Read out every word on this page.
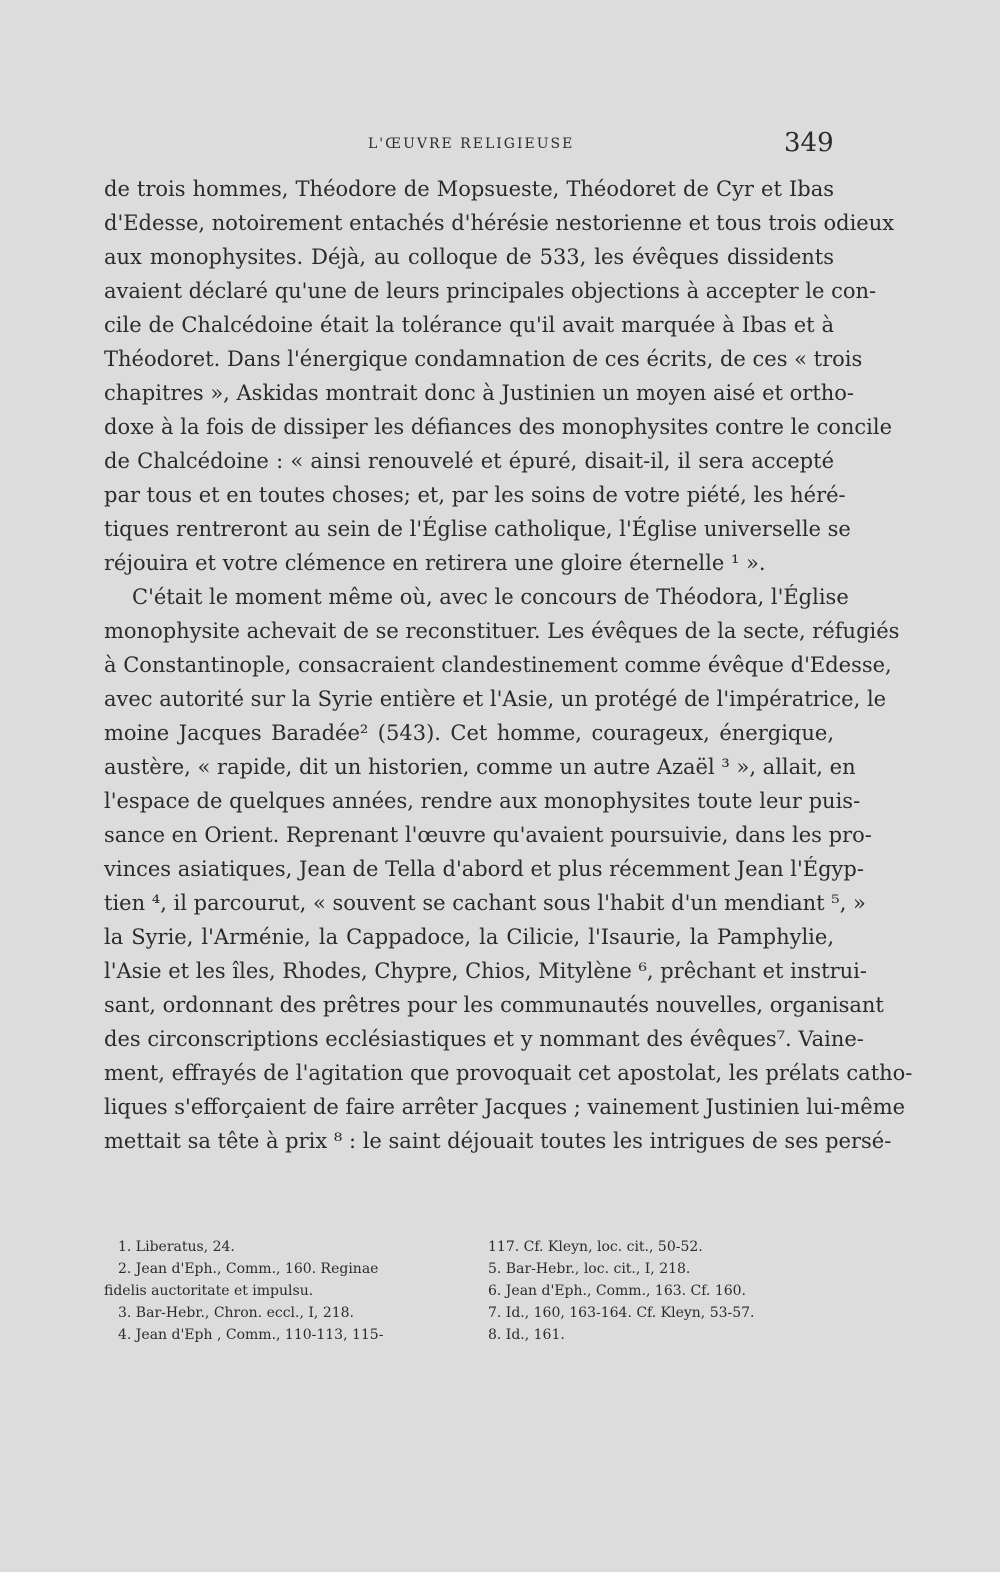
L'ŒUVRE RELIGIEUSE	349
de trois hommes, Théodore de Mopsueste, Théodoret de Cyr et Ibas
d'Edesse, notoirement entachés d'hérésie nestorienne et tous trois odieux
aux monophysites. Déjà, au colloque de 533, les évêques dissidents
avaient déclaré qu'une de leurs principales objections à accepter le con-
cile de Chalcédoine était la tolérance qu'il avait marquée à Ibas et à
Théodoret. Dans l'énergique condamnation de ces écrits, de ces « trois
chapitres », Askidas montrait donc à Justinien un moyen aisé et ortho-
doxe à la fois de dissiper les défiances des monophysites contre le concile
de Chalcédoine : « ainsi renouvelé et épuré, disait-il, il sera accepté
par tous et en toutes choses; et, par les soins de votre piété, les héré-
tiques rentreront au sein de l'Église catholique, l'Église universelle se
réjouira et votre clémence en retirera une gloire éternelle ¹ ».
C'était le moment même où, avec le concours de Théodora, l'Église
monophysite achevait de se reconstituer. Les évêques de la secte, réfugiés
à Constantinople, consacraient clandestinement comme évêque d'Edesse,
avec autorité sur la Syrie entière et l'Asie, un protégé de l'impératrice, le
moine Jacques Baradée² (543). Cet homme, courageux, énergique,
austère, « rapide, dit un historien, comme un autre Azaël ³ », allait, en
l'espace de quelques années, rendre aux monophysites toute leur puis-
sance en Orient. Reprenant l'œuvre qu'avaient poursuivie, dans les pro-
vinces asiatiques, Jean de Tella d'abord et plus récemment Jean l'Égyp-
tien ⁴, il parcourut, « souvent se cachant sous l'habit d'un mendiant ⁵, »
la Syrie, l'Arménie, la Cappadoce, la Cilicie, l'Isaurie, la Pamphylie,
l'Asie et les îles, Rhodes, Chypre, Chios, Mitylène ⁶, prêchant et instrui-
sant, ordonnant des prêtres pour les communautés nouvelles, organisant
des circonscriptions ecclésiastiques et y nommant des évêques⁷. Vaine-
ment, effrayés de l'agitation que provoquait cet apostolat, les prélats catho-
liques s'efforçaient de faire arrêter Jacques ; vainement Justinien lui-même
mettait sa tête à prix ⁸ : le saint déjouait toutes les intrigues de ses persé-
1. Liberatus, 24.
2. Jean d'Eph., Comm., 160. Reginae
fidelis auctoritate et impulsu.
3. Bar-Hebr., Chron. eccl., I, 218.
4. Jean d'Eph , Comm., 110-113, 115-
117. Cf. Kleyn, loc. cit., 50-52.
5. Bar-Hebr., loc. cit., I, 218.
6. Jean d'Eph., Comm., 163. Cf. 160.
7. Id., 160, 163-164. Cf. Kleyn, 53-57.
8. Id., 161.
